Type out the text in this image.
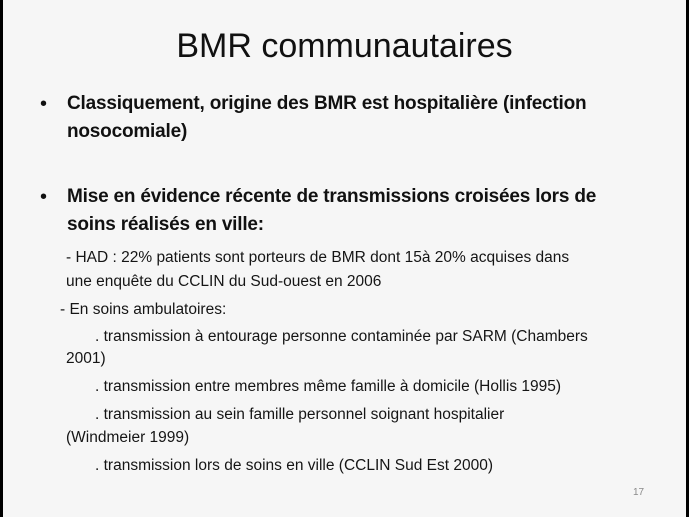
BMR communautaires
• Classiquement, origine des BMR est hospitalière (infection nosocomiale)
• Mise en évidence récente de transmissions croisées lors de soins réalisés en ville:
- HAD : 22% patients sont porteurs de BMR dont 15à 20% acquises dans
une enquête du CCLIN du Sud-ouest en 2006
- En soins ambulatoires:
. transmission à entourage personne contaminée par SARM (Chambers
2001)
. transmission entre membres même famille à domicile (Hollis 1995)
. transmission au sein famille personnel soignant hospitalier
(Windmeier 1999)
. transmission lors de soins en ville (CCLIN Sud Est 2000)
17
